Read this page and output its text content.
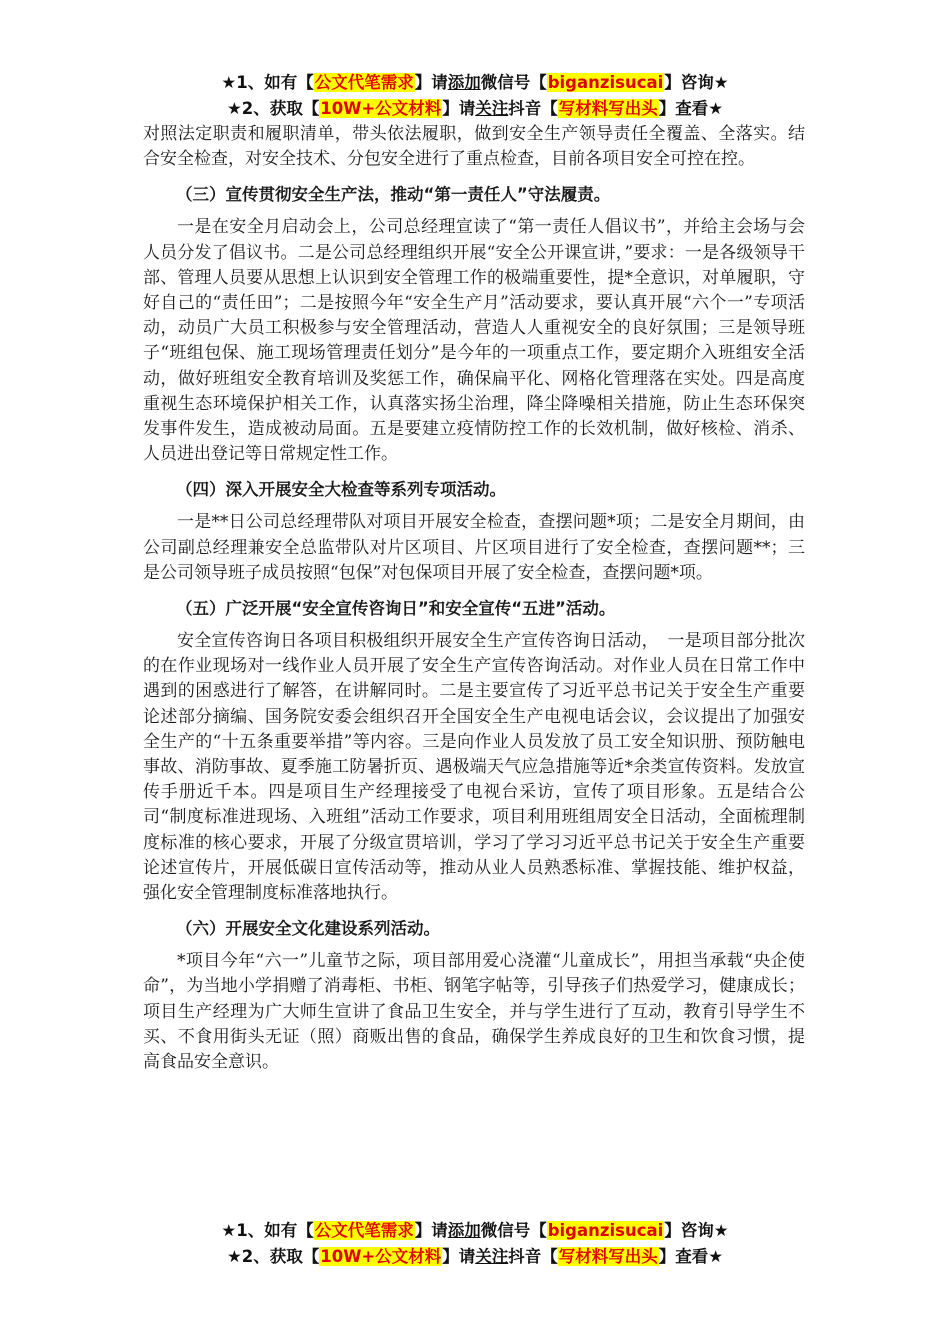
★1、如有【公文代笔需求】请添加微信号【biganzisucai】咨询★
★2、获取【10W+公文材料】请关注抖音【写材料写出头】查看★

对照法定职责和履职清单，带头依法履职，做到安全生产领导责任全覆盖、全落实。结合安全检查，对安全技术、分包安全进行了重点检查，目前各项目安全可控在控。

（三）宣传贯彻安全生产法，推动“第一责任人”守法履责。

一是在安全月启动会上，公司总经理宣读了“第一责任人倡议书”，并给主会场与会人员分发了倡议书。二是公司总经理组织开展“安全公开课宣讲，”要求：一是各级领导干部、管理人员要从思想上认识到安全管理工作的极端重要性，提*全意识，对单履职，守好自己的“责任田”；二是按照今年“安全生产月”活动要求，要认真开展“六个一”专项活动，动员广大员工积极参与安全管理活动，营造人人重视安全的良好氛围；三是领导班子“班组包保、施工现场管理责任划分”是今年的一项重点工作，要定期介入班组安全活动，做好班组安全教育培训及奖惩工作，确保扁平化、网格化管理落在实处。四是高度重视生态环境保护相关工作，认真落实扬尘治理，降尘降噪相关措施，防止生态环保突发事件发生，造成被动局面。五是要建立疫情防控工作的长效机制，做好核检、消杀、人员进出登记等日常规定性工作。

（四）深入开展安全大检查等系列专项活动。

一是**日公司总经理带队对项目开展安全检查，查摆问题*项；二是安全月期间，由公司副总经理兼安全总监带队对片区项目、片区项目进行了安全检查，查摆问题**；三是公司领导班子成员按照“包保”对包保项目开展了安全检查，查摆问题*项。

（五）广泛开展“安全宣传咨询日”和安全宣传“五进”活动。

安全宣传咨询日各项目积极组织开展安全生产宣传咨询日活动，　一是项目部分批次的在作业现场对一线作业人员开展了安全生产宣传咨询活动。对作业人员在日常工作中遇到的困惑进行了解答，在讲解同时。二是主要宣传了习近平总书记关于安全生产重要论述部分摘编、国务院安委会组织召开全国安全生产电视电话会议，会议提出了加强安全生产的“十五条重要举措”等内容。三是向作业人员发放了员工安全知识册、预防触电事故、消防事故、夏季施工防暑折页、遇极端天气应急措施等近*余类宣传资料。发放宣传手册近千本。四是项目生产经理接受了电视台采访，宣传了项目形象。五是结合公司“制度标准进现场、入班组”活动工作要求，项目利用班组周安全日活动，全面梳理制度标准的核心要求，开展了分级宣贯培训，学习了学习习近平总书记关于安全生产重要论述宣传片，开展低碳日宣传活动等，推动从业人员熟悉标准、掌握技能、维护权益，强化安全管理制度标准落地执行。

（六）开展安全文化建设系列活动。

*项目今年“六一”儿童节之际，项目部用爱心浇灌“儿童成长”，用担当承载“央企使命”，为当地小学捐赠了消毒柜、书柜、钢笔字帖等，引导孩子们热爱学习，健康成长；项目生产经理为广大师生宣讲了食品卫生安全，并与学生进行了互动，教育引导学生不买、不食用街头无证（照）商贩出售的食品，确保学生养成良好的卫生和饮食习惯，提高食品安全意识。

★1、如有【公文代笔需求】请添加微信号【biganzisucai】咨询★
★2、获取【10W+公文材料】请关注抖音【写材料写出头】查看★
